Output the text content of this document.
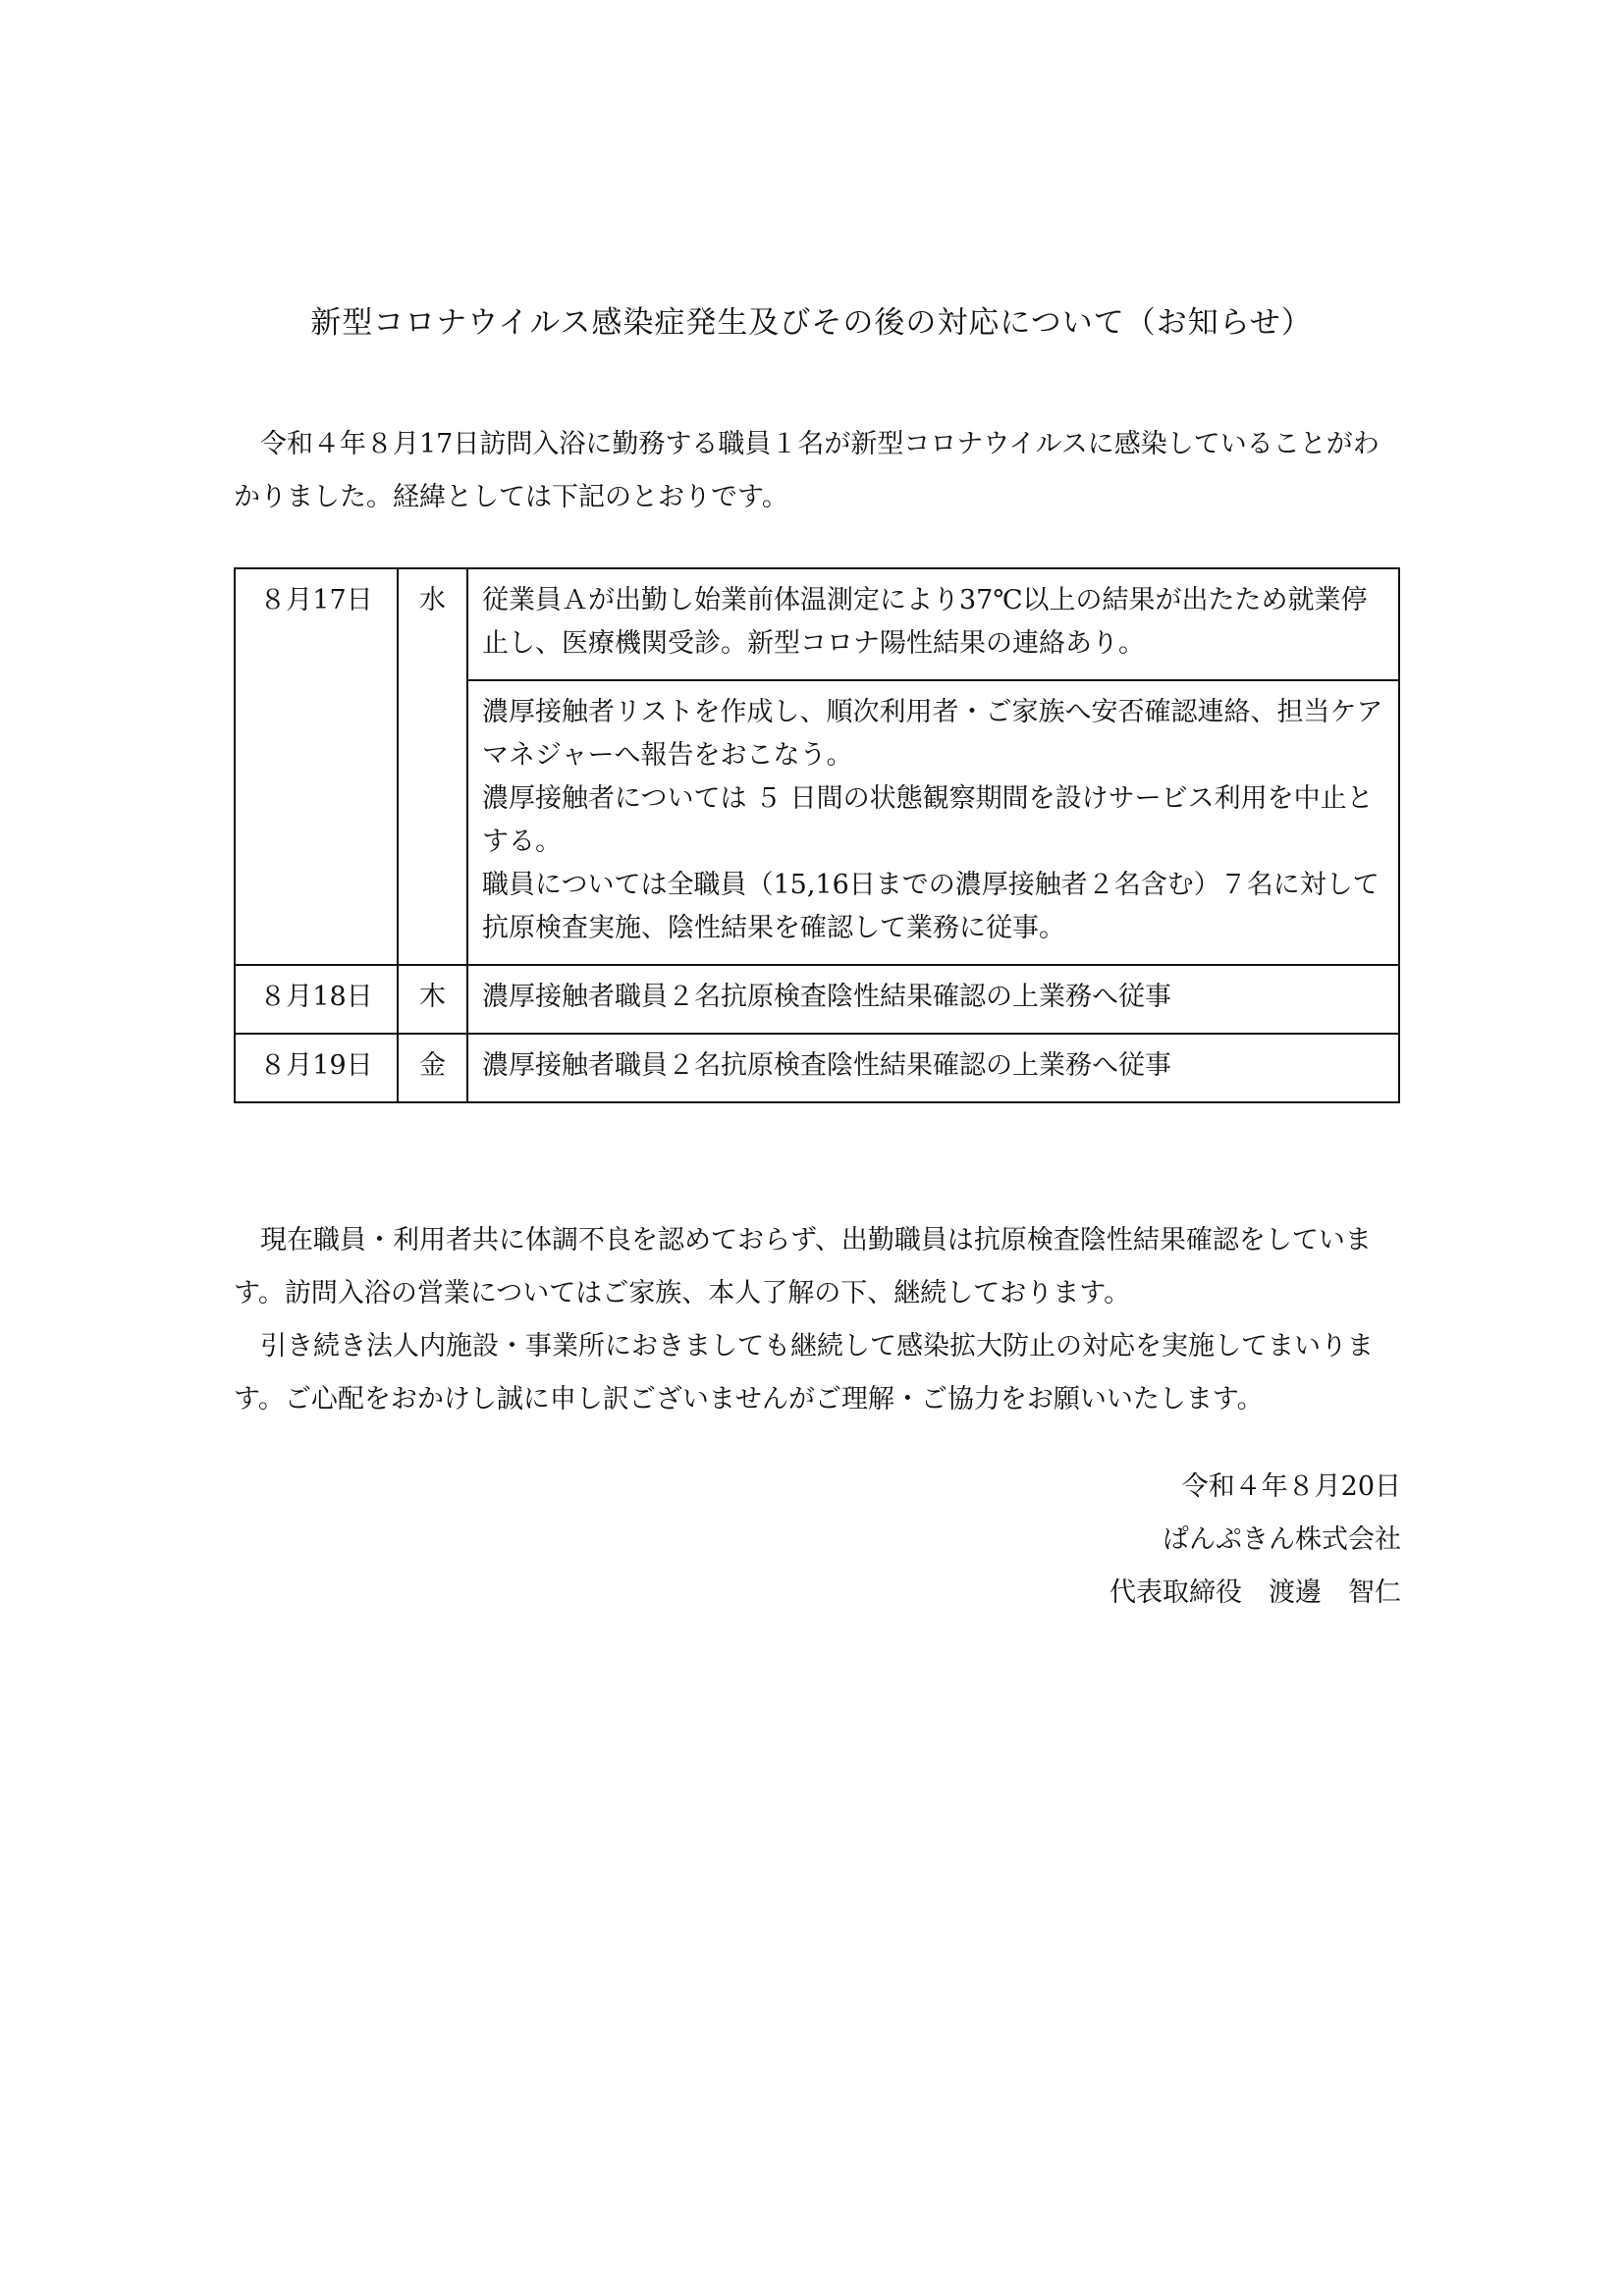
新型コロナウイルス感染症発生及びその後の対応について（お知らせ）

令和４年８月17日訪問入浴に勤務する職員１名が新型コロナウイルスに感染していることがわかりました。経緯としては下記のとおりです。

８月17日	水	従業員Ａが出勤し始業前体温測定により37℃以上の結果が出たため就業停止し、医療機関受診。新型コロナ陽性結果の連絡あり。

		濃厚接触者リストを作成し、順次利用者・ご家族へ安否確認連絡、担当ケアマネジャーへ報告をおこなう。

濃厚接触者については ５ 日間の状態観察期間を設けサービス利用を中止とする。

職員については全職員（15,16日までの濃厚接触者２名含む）７名に対して抗原検査実施、陰性結果を確認して業務に従事。

８月18日	木	濃厚接触者職員２名抗原検査陰性結果確認の上業務へ従事

８月19日	金	濃厚接触者職員２名抗原検査陰性結果確認の上業務へ従事

現在職員・利用者共に体調不良を認めておらず、出勤職員は抗原検査陰性結果確認をしています。訪問入浴の営業についてはご家族、本人了解の下、継続しております。

引き続き法人内施設・事業所におきましても継続して感染拡大防止の対応を実施してまいります。ご心配をおかけし誠に申し訳ございませんがご理解・ご協力をお願いいたします。

令和４年８月20日
ぱんぷきん株式会社
代表取締役　渡邊　智仁
